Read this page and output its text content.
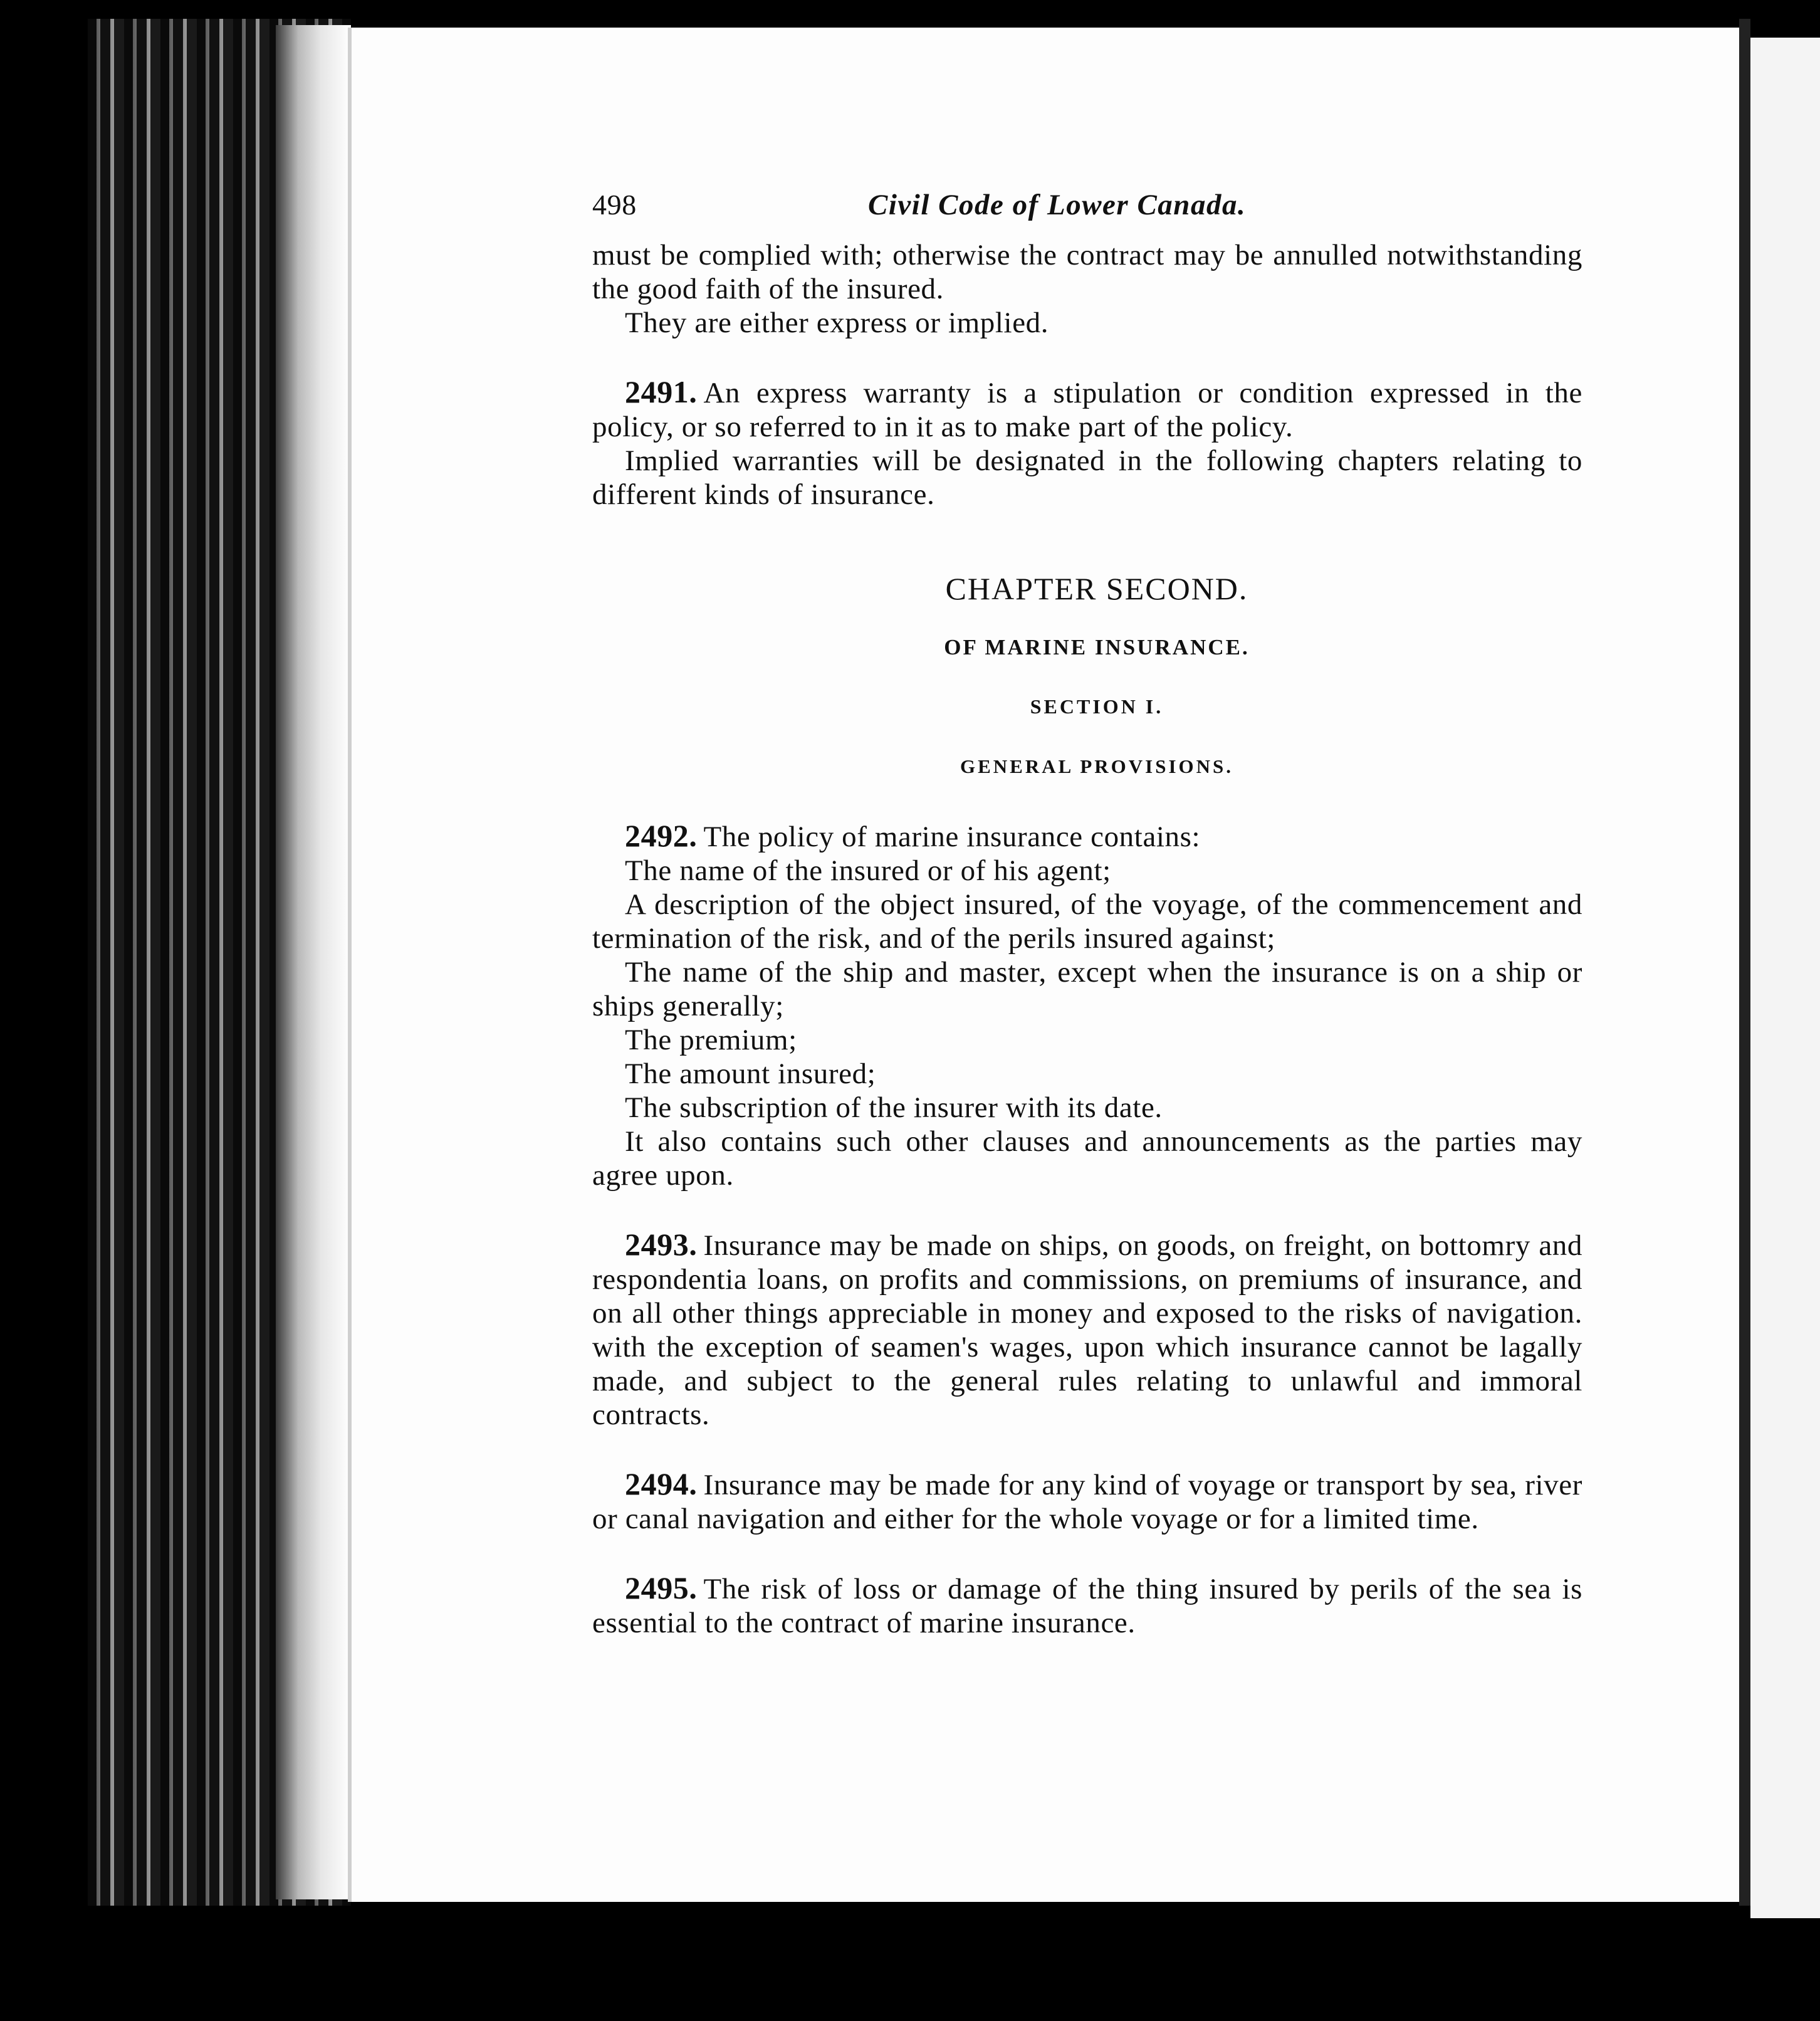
498	Civil Code of Lower Canada.

must be complied with; otherwise the contract may be annulled notwithstanding the good faith of the insured.

They are either express or implied.

2491. An express warranty is a stipulation or condition expressed in the policy, or so referred to in it as to make part of the policy.

Implied warranties will be designated in the following chapters relating to different kinds of insurance.

CHAPTER SECOND.
OF MARINE INSURANCE.
SECTION I.
GENERAL PROVISIONS.

2492. The policy of marine insurance contains:

The name of the insured or of his agent;

A description of the object insured, of the voyage, of the commencement and termination of the risk, and of the perils insured against;

The name of the ship and master, except when the insurance is on a ship or ships generally;

The premium;

The amount insured;

The subscription of the insurer with its date.

It also contains such other clauses and announcements as the parties may agree upon.

2493. Insurance may be made on ships, on goods, on freight, on bottomry and respondentia loans, on profits and commissions, on premiums of insurance, and on all other things appreciable in money and exposed to the risks of navigation. with the exception of seamen's wages, upon which insurance cannot be lagally made, and subject to the general rules relating to unlawful and immoral contracts.

2494. Insurance may be made for any kind of voyage or transport by sea, river or canal navigation and either for the whole voyage or for a limited time.

2495. The risk of loss or damage of the thing insured by perils of the sea is essential to the contract of marine insurance.
